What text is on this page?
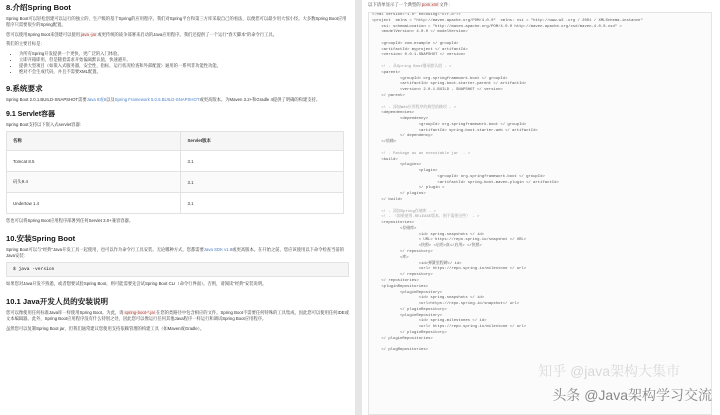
8.介绍Spring Boot

Spring Boot可以轻松创建可以运行的独立的，生产级的基于Spring的应用程序。我们对Spring平台和第三方库采取自己的看法，以便您可以最少用大惊小怪。大多数Spring Boot应用程序只需要很少的Spring配置。

您可以使用Spring Boot来创建可以使用java -jar或更传统的战争部署来启动的Java应用程序。我们还提供了一个运行"春天脚本"的命令行工具。

我们的主要目标是：

• 为所有Spring开发提供一个更快，更广泛的入门体验。
• 立即开箱即用，但是随着需求开始偏离默认值，快速避开。
• 提供大型项目（如嵌入式服务器，安全性，指标，运行状况检查和外部配置）通用的一系列非功能性功能。
• 绝对不会生成代码，并且不需要XML配置。
9.系统要求

Spring Boot 2.0.1.BUILD-SNAPSHOT需要Java 8或9以及Spring Framework 5.0.5.BUILD-SNAPSHOT或更高版本。为Maven 3.2+和Gradle 4提供了明确的构建支持。

9.1 Servlet容器

Spring Boot支持以下嵌入式servlet容器：

名称	Servlet版本
Tomcat 8.5	3.1
码头9.4	3.1
Undertow 1.4	3.1

您也可以将Spring Boot应用程序部署到任何Servlet 3.0+兼容容器。

10.安装Spring Boot

Spring Boot可以与"经典"Java开发工具一起使用，也可以作为命令行工具安装。无论哪种方式，您都需要Java SDK v1.8或更高版本。在开始之前，您应该使用以下命令检查当前的Java安装：

$ java -version

如果您对Java开发不熟悉，或者想要试验Spring Boot，则可能需要先尝试Spring Boot CLI（命令行界面）。否则，请阅读"经典"安装说明。

10.1 Java开发人员的安装说明

您可以像使用任何标准Java库一样使用Spring Boot。为此，请spring-boot-*.jar在您的类路径中包含相应的文件。Spring Boot不需要任何特殊的工具集成，因此您可以使用任何IDE或文本编辑器。此外，Spring Boot应用程序没有什么特别之处，因此您可以像运行任何其他Java程序一样运行和调试Spring Boot应用程序。

虽然您可以复制Spring Boot jar，但我们通常建议您使用支持依赖管理的构建工具（如Maven或Gradle）。

以下清单显示了一个典型的pom.xml文件：
<?xml version="1.0" encoding="UTF-8"?>
<project  xmlns = "http://maven.apache.org/POM/4.0.0"  xmlns: xsi = "http://www.w3 .org / 2001 / XMLSchema-instance"
xsi: schemaLocation = "http://maven.apache.org/POM/4.0.0 http://maven.apache.org/xsd/maven-4.0.0.xsd" >
<modelVersion> 4.0.0 </ modelVersion>

<groupId> com.example </ groupId>
<artifactId> myproject </ artifactId>
<version> 0.0.1-SNAPSHOT </ version>

<! - 从Spring Boot继承默认值 - >
<parent>
<groupId> org.springframework.boot </ groupId>
<artifactId> spring-boot-starter-parent </ artifactId>
<version> 2.0.1.BUILD - SNAPSHOT </ version>
</ parent>

<! - 添加Web应用程序的典型依赖项 - >
<dependencies>
<dependency>
<groupId> org.springframework.boot </ groupId>
<artifactId> spring-boot-starter-web </ artifactId>
</ dependency>
</依赖>

<! - Package as an executable jar  - >
<build>
<plugins>
<plugin>
<groupId> org.springframework.boot </ groupId>
<artifactId> spring-boot-maven-plugin </ artifactId>
</ plugin >
</ plugins>
</ build>

<! - 添加Spring存储库 - >
<! - （如果使用.RELEASE版本，则不需要这些） - >
<repositories>
<存储库>
<id> spring-snapshots </ id>
< URL> https://repo.spring.io/snapshot </ URL>
<快照> <启用>真</启用> </快照>
</ repository>
<库>
<id>弹簧里程碑</ id>
<url> https://repo.spring.io/milestone </ url>
</ repository>
</ repositories>
<pluginRepositories>
<pluginRepository>
<id> spring-snapshots </ id>
<url>https://repo.spring.io/snapshot</ url>
</ pluginRepository>
<pluginRepository>
<id> spring-milestones </ id>
<url> https://repo.spring.io/milestone </ url>
</ pluginRepository>
</ pluginRepositories>

</ plugRepositories>
知乎 @java架构大集市
头条 @Java架构学习交流
